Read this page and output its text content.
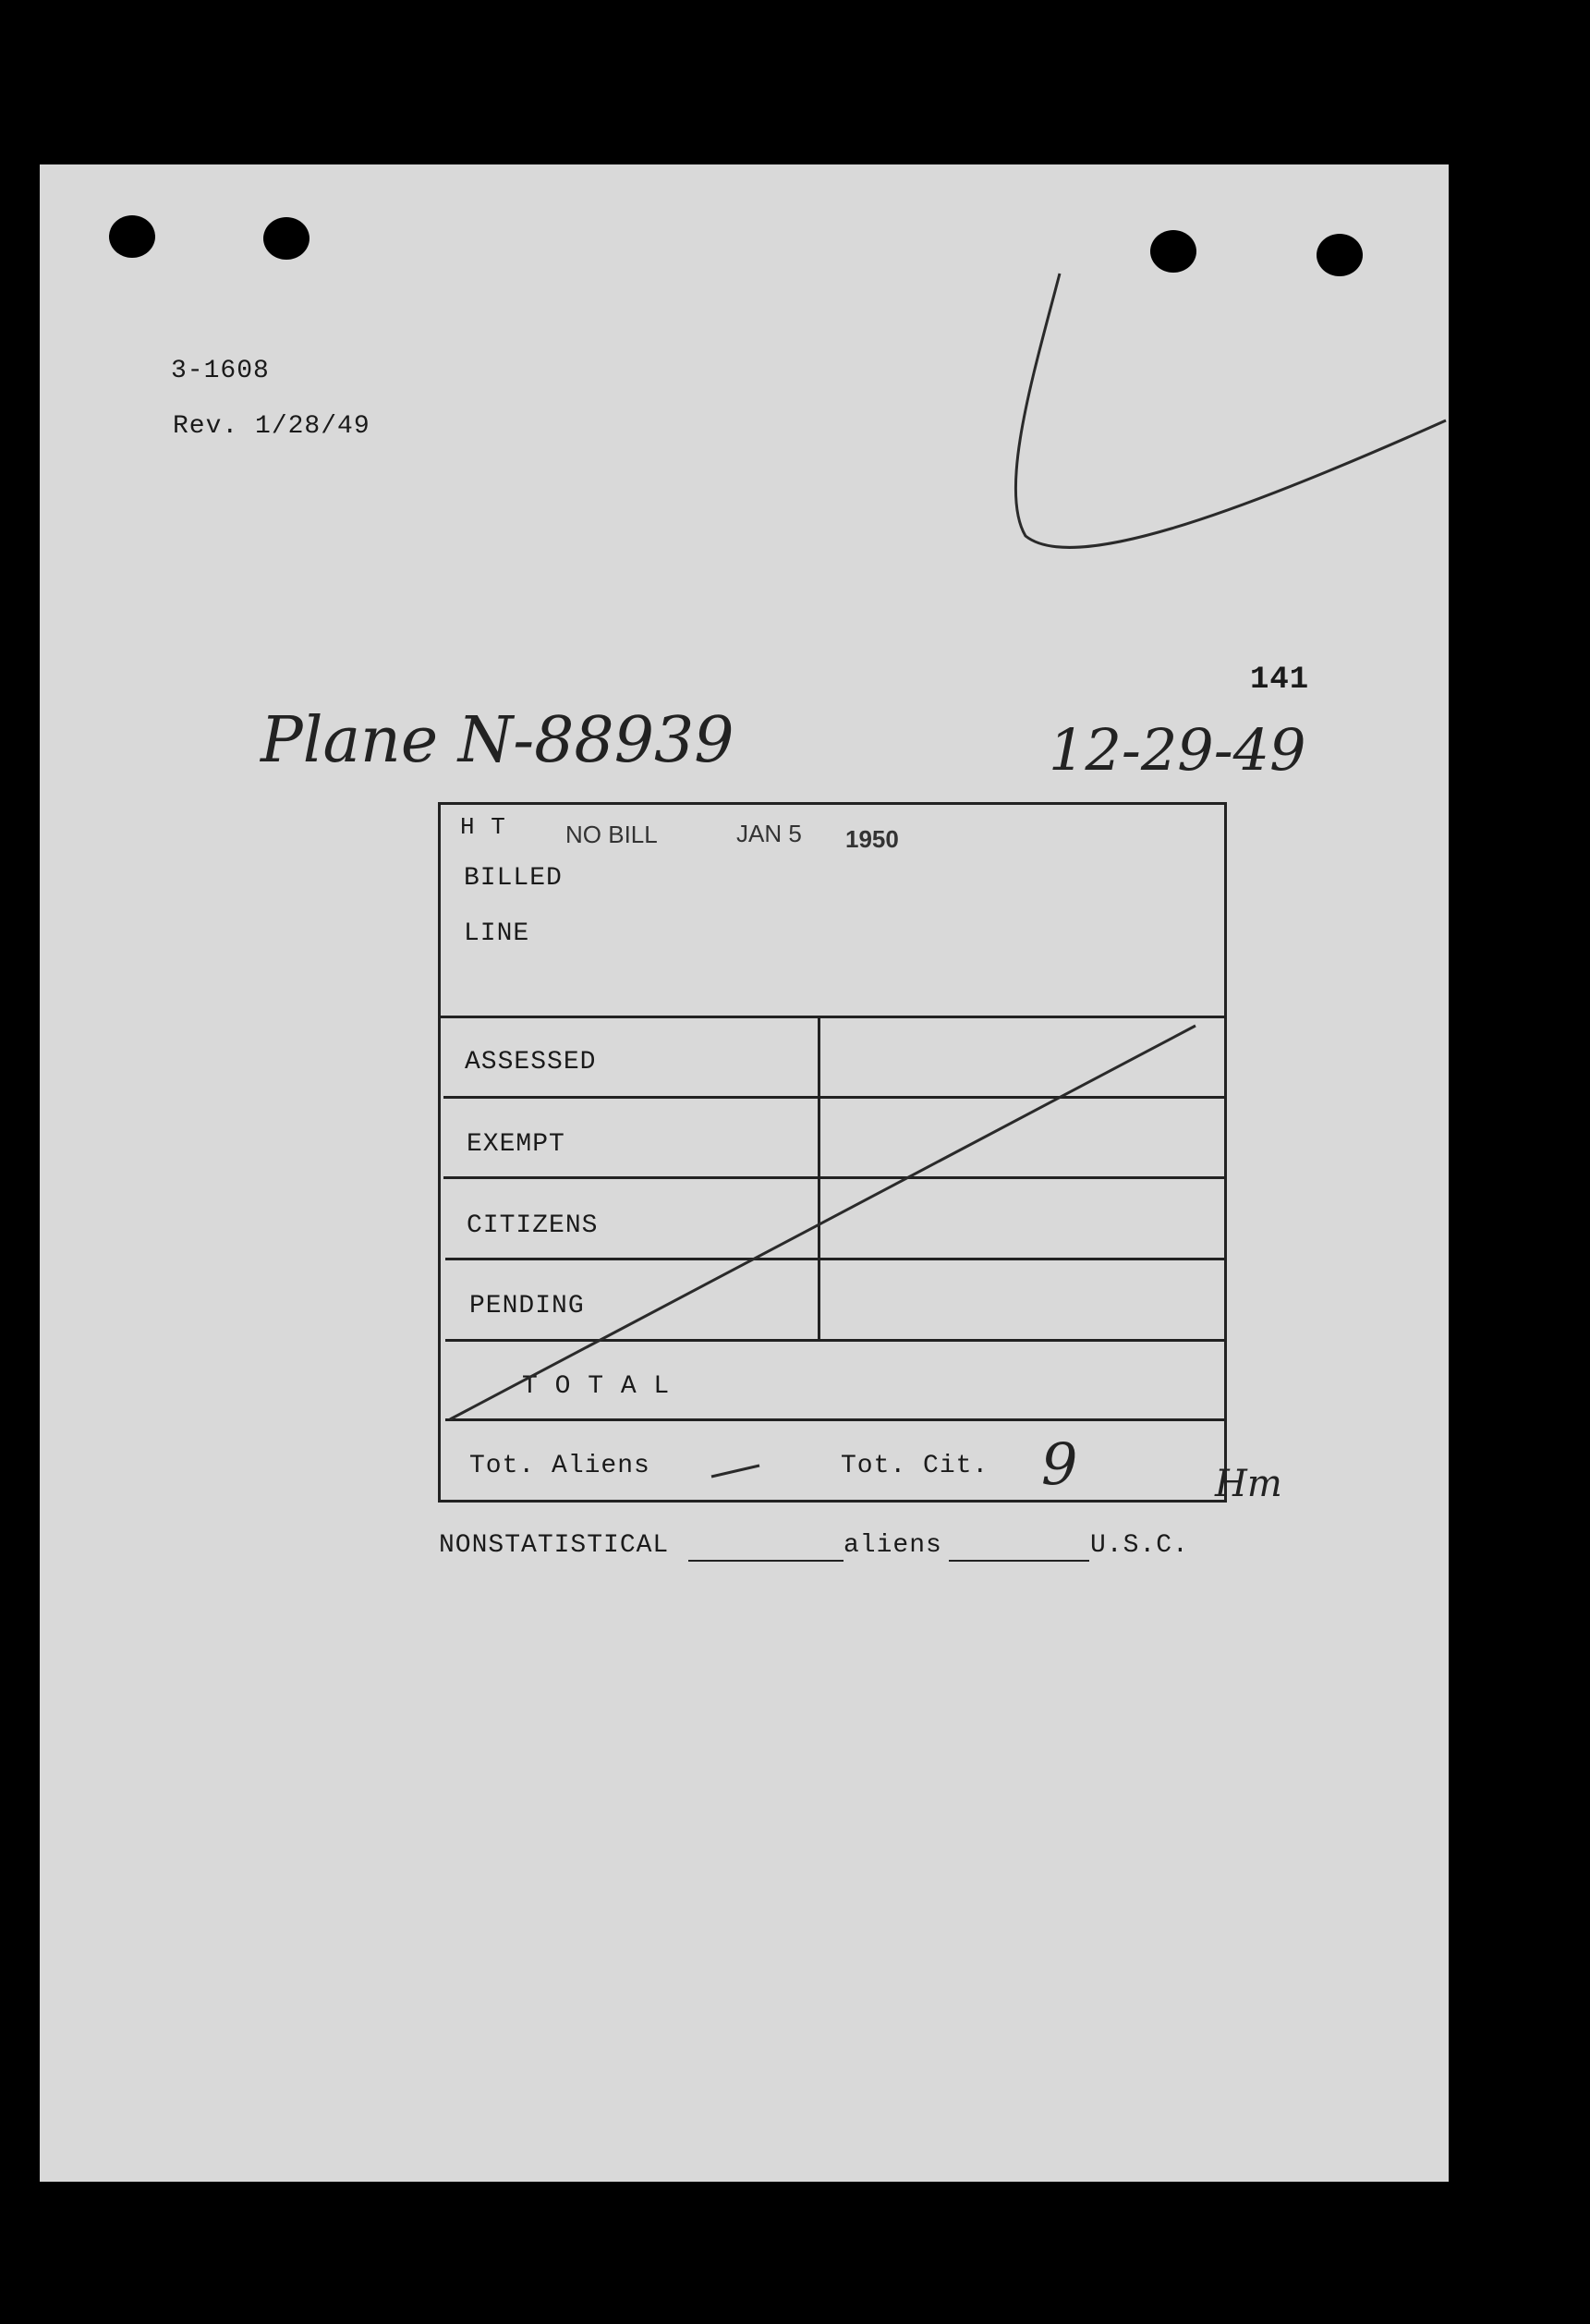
3-1608
Rev. 1/28/49
141
Plane N-88939	12-29-49
NO BILL	JAN 5 1950
H T
BILLED
LINE
ASSESSED
EXEMPT
CITIZENS
PENDING
T O T A L
Tot. Aliens	Tot. Cit. 9	Hm
NONSTATISTICAL	aliens	U.S.C.
